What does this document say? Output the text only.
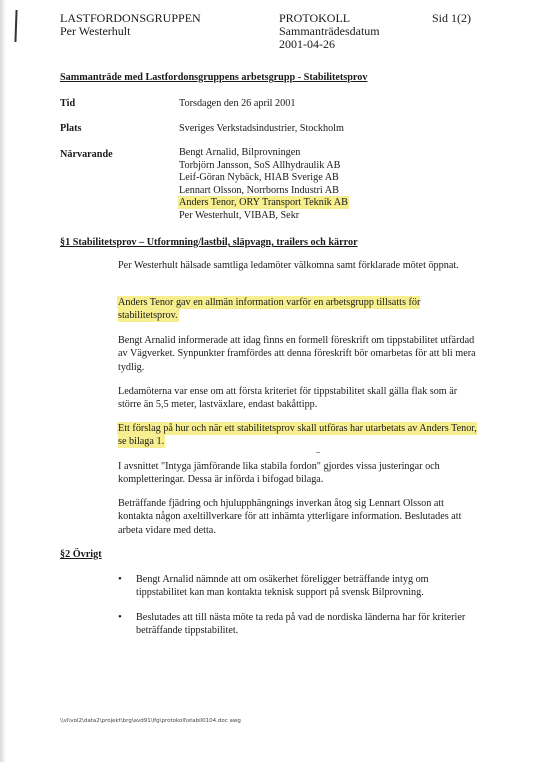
LASTFORDONSGRUPPEN
Per Westerhult
PROTOKOLL
Sammanträdesdatum
2001-04-26
Sid 1(2)
Sammanträde med Lastfordonsgruppens arbetsgrupp - Stabilitetsprov
Tid	Torsdagen den 26 april 2001
Plats	Sveriges Verkstadsindustrier, Stockholm
Närvarande	Bengt Arnalid, Bilprovningen
Torbjörn Jansson, SoS Allhydraulik AB
Leif-Göran Nybäck, HIAB Sverige AB
Lennart Olsson, Norrborns Industri AB
Anders Tenor, ORY Transport Teknik AB
Per Westerhult, VIBAB, Sekr
§1 Stabilitetsprov – Utformning/lastbil, släpvagn, trailers och kärror
Per Westerhult hälsade samtliga ledamöter välkomna samt förklarade mötet öppnat.
Anders Tenor gav en allmän information varför en arbetsgrupp tillsatts för stabilitetsprov.
Bengt Arnalid informerade att idag finns en formell föreskrift om tippstabilitet utfärdad av Vägverket. Synpunkter framfördes att denna föreskrift bör omarbetas för att bli mera tydlig.
Ledamöterna var ense om att första kriteriet för tippstabilitet skall gälla flak som är större än 5,5 meter, lastväxlare, endast bakåttipp.
Ett förslag på hur och när ett stabilitetsprov skall utföras har utarbetats av Anders Tenor, se bilaga 1.
I avsnittet "Intyga jämförande lika stabila fordon" gjordes vissa justeringar och kompletteringar. Dessa är införda i bifogad bilaga.
Beträffande fjädring och hjulupphängnings inverkan åtog sig Lennart Olsson att kontakta någon axeltillverkare för att inhämta ytterligare information. Beslutades att arbeta vidare med detta.
§2 Övrigt
• Bengt Arnalid nämnde att om osäkerhet föreligger beträffande intyg om tippstabilitet kan man kontakta teknisk support på svensk Bilprovning.
• Beslutades att till nästa möte ta reda på vad de nordiska länderna har för kriterier beträffande tippstabilitet.
\\vl\vol2\data2\projekt\brg\avd91\lfg\protokoll\stabil0104.doc awg
